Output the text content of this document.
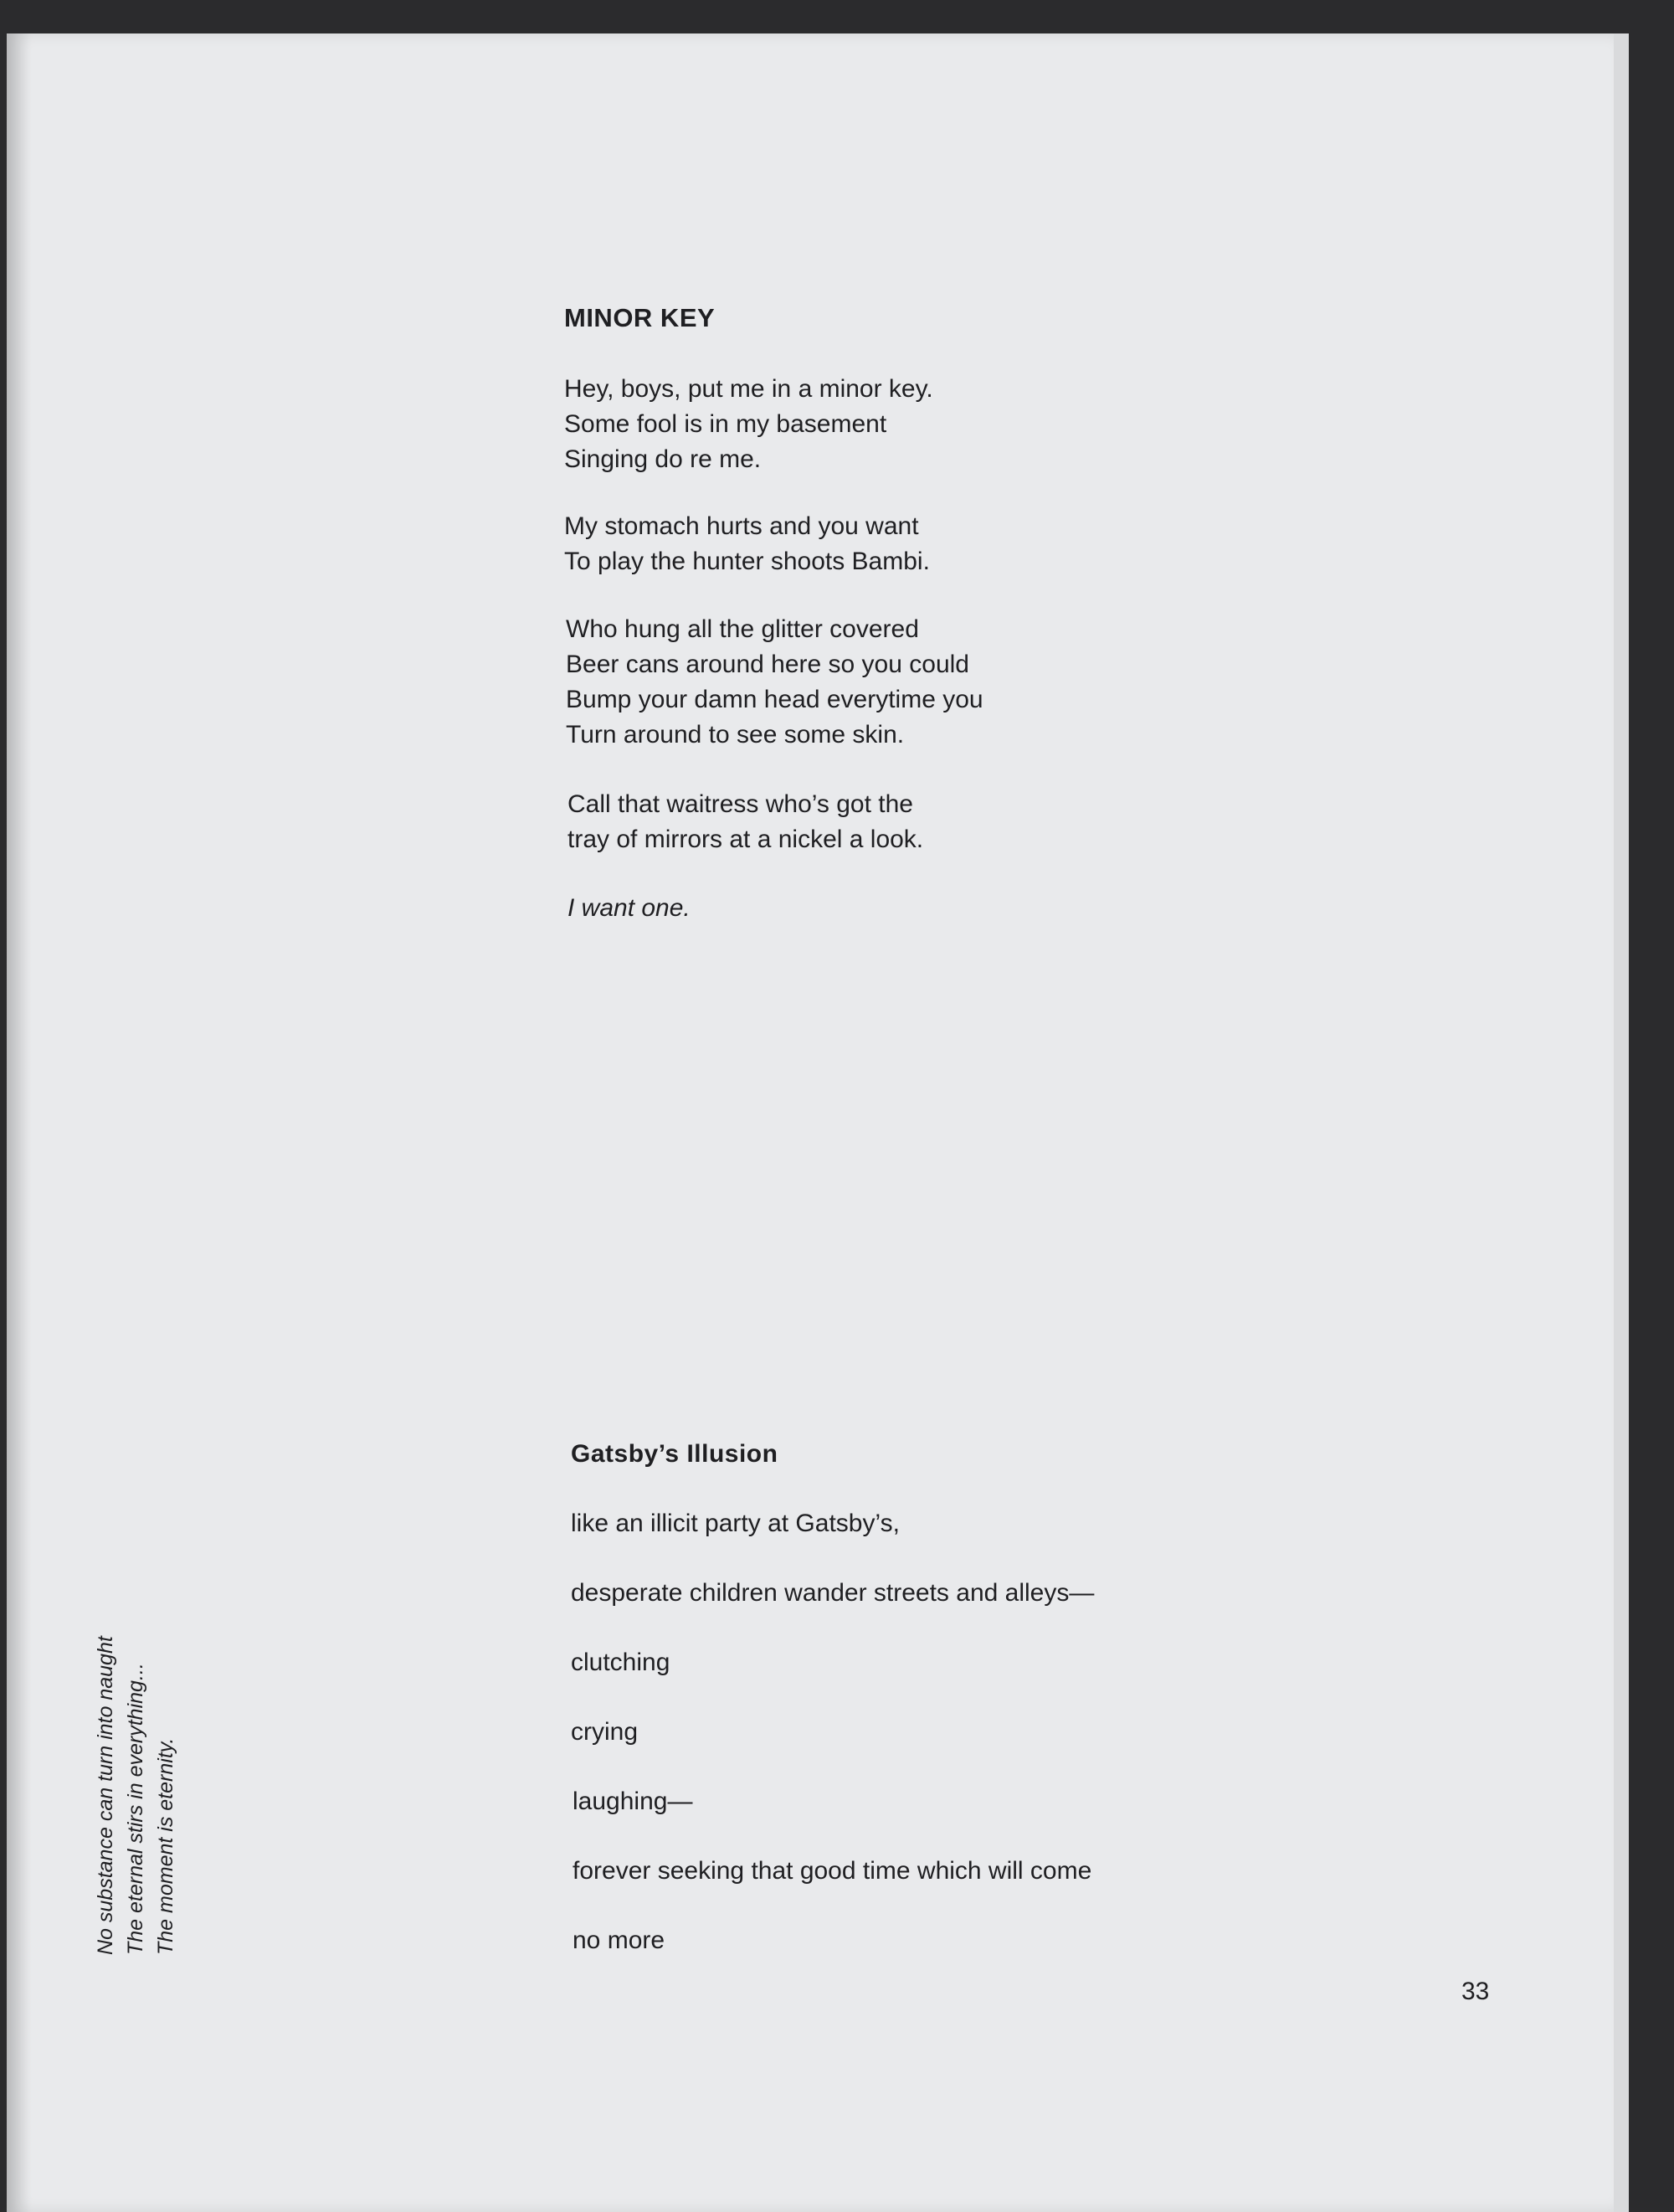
MINOR KEY
Hey, boys, put me in a minor key.
Some fool is in my basement
Singing do re me.
My stomach hurts and you want
To play the hunter shoots Bambi.
Who hung all the glitter covered
Beer cans around here so you could
Bump your damn head everytime you
Turn around to see some skin.
Call that waitress who’s got the
tray of mirrors at a nickel a look.

I want one.

Gatsby’s Illusion

like an illicit party at Gatsby’s,

desperate children wander streets and alleys—

clutching

crying

laughing—

forever seeking that good time which will come

no more

No substance can turn into naught The eternal stirs in everything... The moment is eternity.

33
